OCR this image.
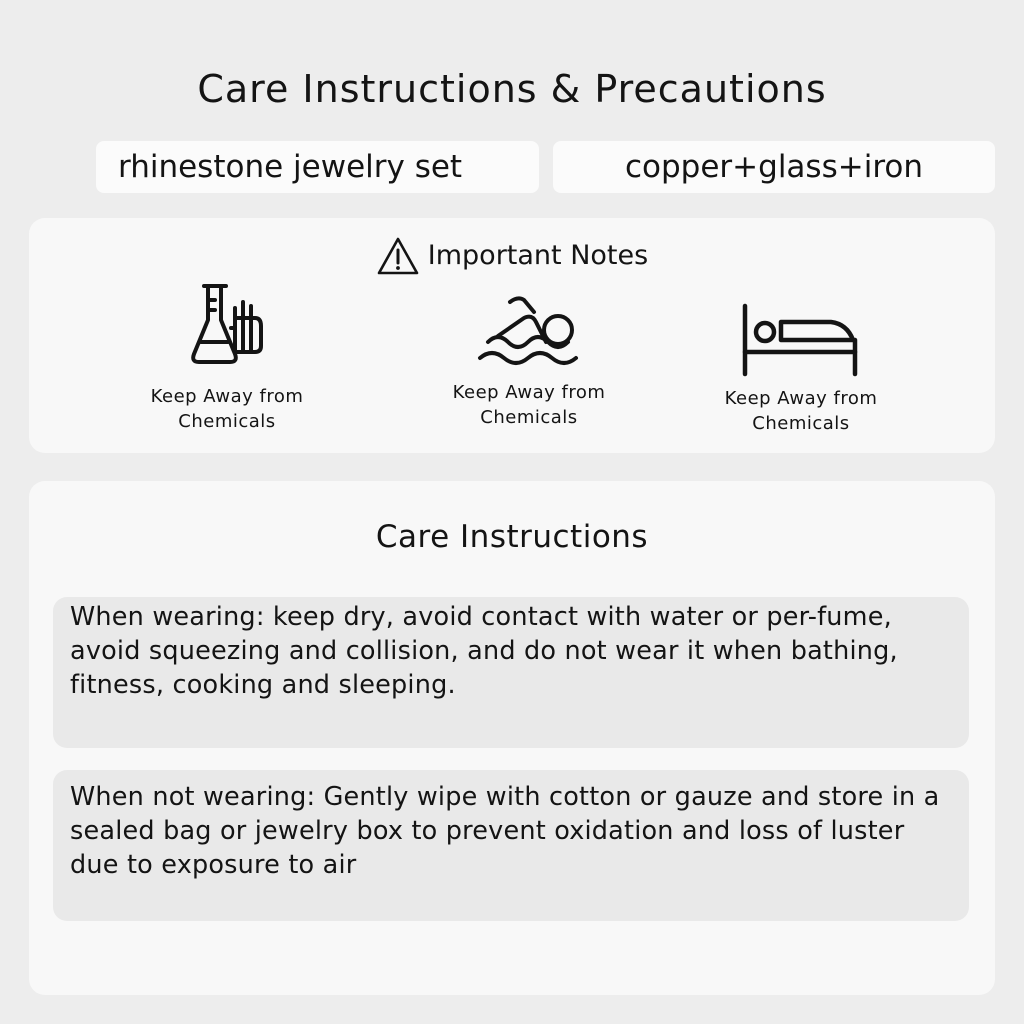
Care Instructions & Precautions
rhinestone jewelry set	copper+glass+iron
Important Notes
Keep Away from Chemicals
Keep Away from Chemicals
Keep Away from Chemicals
Care Instructions
When wearing: keep dry, avoid contact with water or per-fume, avoid squeezing and collision, and do not wear it when bathing, fitness, cooking and sleeping.
When not wearing: Gently wipe with cotton or gauze and store in a sealed bag or jewelry box to prevent oxidation and loss of luster due to exposure to air
